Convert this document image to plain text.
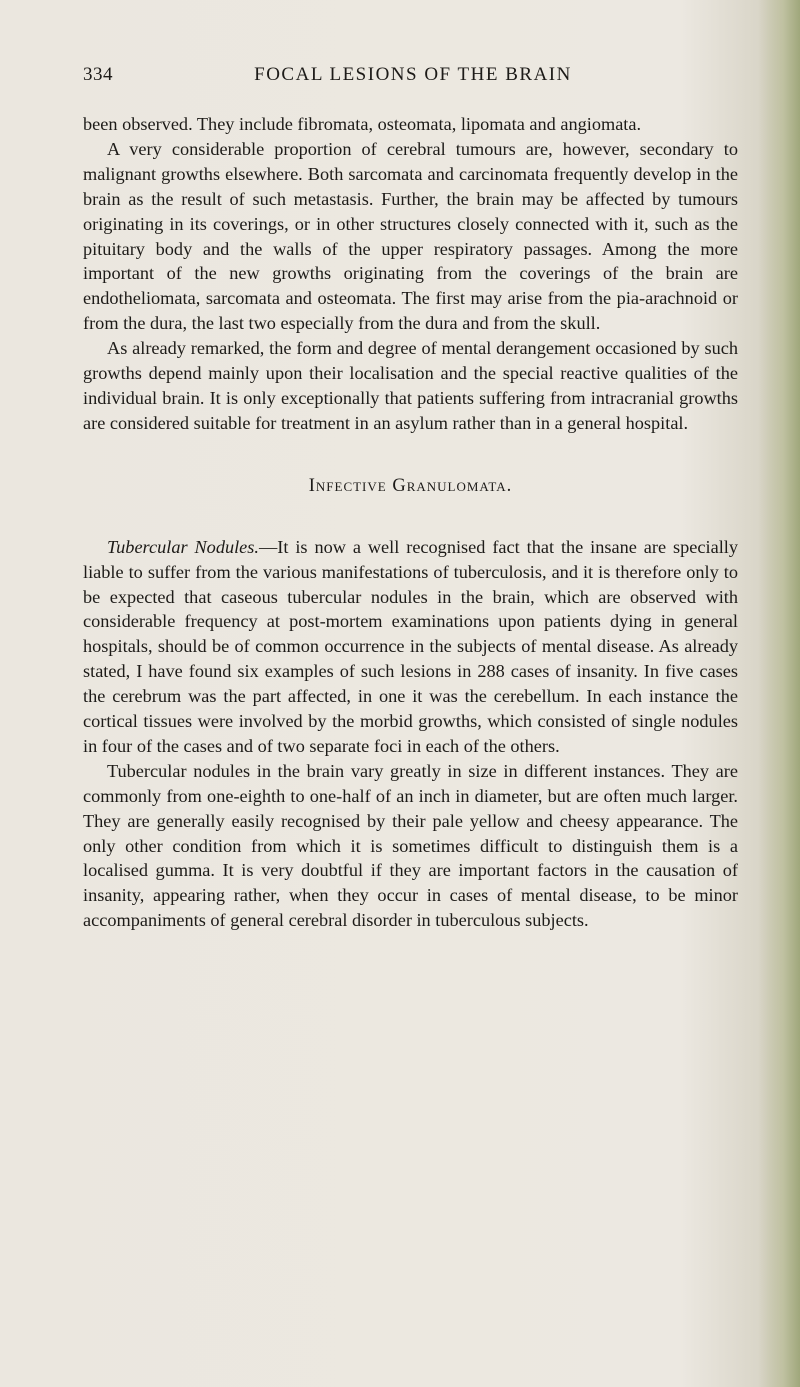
334	FOCAL LESIONS OF THE BRAIN

been observed. They include fibromata, osteomata, lipomata and angiomata.

A very considerable proportion of cerebral tumours are, however, secondary to malignant growths elsewhere. Both sarcomata and carcinomata frequently develop in the brain as the result of such metastasis. Further, the brain may be affected by tumours originating in its coverings, or in other structures closely connected with it, such as the pituitary body and the walls of the upper respiratory passages. Among the more important of the new growths originating from the coverings of the brain are endotheliomata, sarcomata and osteomata. The first may arise from the pia-arachnoid or from the dura, the last two especially from the dura and from the skull.

As already remarked, the form and degree of mental derangement occasioned by such growths depend mainly upon their localisation and the special reactive qualities of the individual brain. It is only exceptionally that patients suffering from intracranial growths are considered suitable for treatment in an asylum rather than in a general hospital.

Infective Granulomata.

Tubercular Nodules.—It is now a well recognised fact that the insane are specially liable to suffer from the various manifestations of tuberculosis, and it is therefore only to be expected that caseous tubercular nodules in the brain, which are observed with considerable frequency at post-mortem examinations upon patients dying in general hospitals, should be of common occurrence in the subjects of mental disease. As already stated, I have found six examples of such lesions in 288 cases of insanity. In five cases the cerebrum was the part affected, in one it was the cerebellum. In each instance the cortical tissues were involved by the morbid growths, which consisted of single nodules in four of the cases and of two separate foci in each of the others.

Tubercular nodules in the brain vary greatly in size in different instances. They are commonly from one-eighth to one-half of an inch in diameter, but are often much larger. They are generally easily recognised by their pale yellow and cheesy appearance. The only other condition from which it is sometimes difficult to distinguish them is a localised gumma. It is very doubtful if they are important factors in the causation of insanity, appearing rather, when they occur in cases of mental disease, to be minor accompaniments of general cerebral disorder in tuberculous subjects.
